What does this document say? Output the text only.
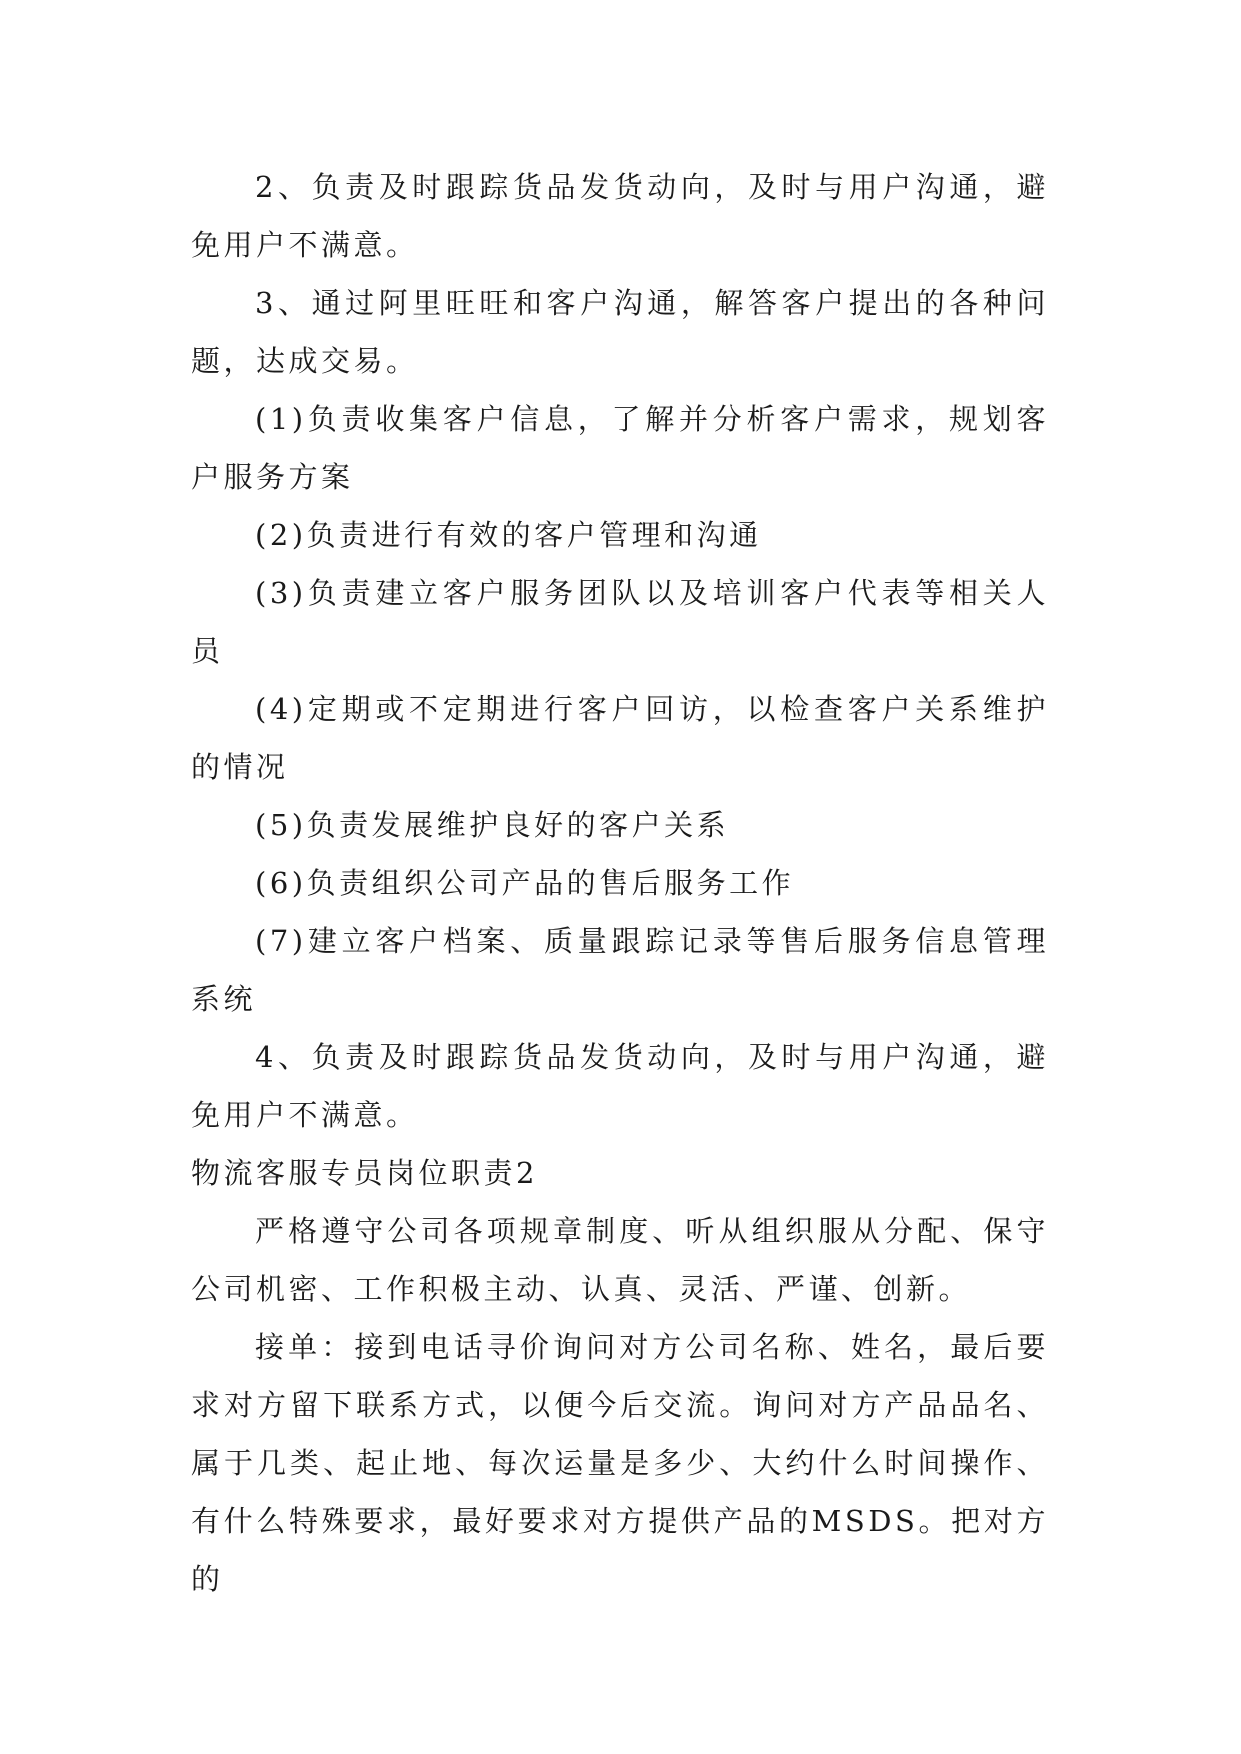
2、负责及时跟踪货品发货动向，及时与用户沟通，避免用户不满意。

3、通过阿里旺旺和客户沟通，解答客户提出的各种问题，达成交易。

(1)负责收集客户信息，了解并分析客户需求，规划客户服务方案

(2)负责进行有效的客户管理和沟通

(3)负责建立客户服务团队以及培训客户代表等相关人员

(4)定期或不定期进行客户回访，以检查客户关系维护的情况

(5)负责发展维护良好的客户关系

(6)负责组织公司产品的售后服务工作

(7)建立客户档案、质量跟踪记录等售后服务信息管理系统

4、负责及时跟踪货品发货动向，及时与用户沟通，避免用户不满意。

物流客服专员岗位职责2

严格遵守公司各项规章制度、听从组织服从分配、保守公司机密、工作积极主动、认真、灵活、严谨、创新。

接单：接到电话寻价询问对方公司名称、姓名，最后要求对方留下联系方式，以便今后交流。询问对方产品品名、属于几类、起止地、每次运量是多少、大约什么时间操作、有什么特殊要求，最好要求对方提供产品的MSDS。把对方的
